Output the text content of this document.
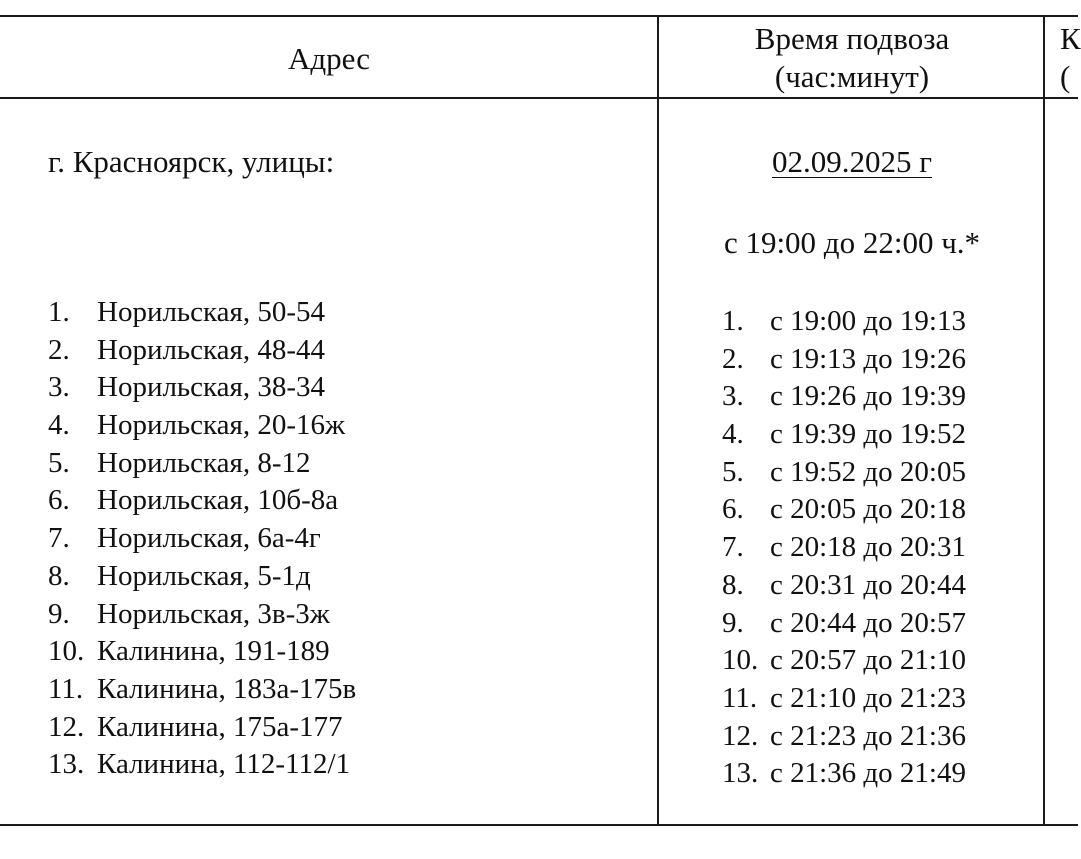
Адрес
Время подвоза
(час:минут)
К
(
г. Красноярск, улицы:	02.09.2025 г
с 19:00 до 22:00 ч.*
1. Норильская, 50-54
2. Норильская, 48-44
3. Норильская, 38-34
4. Норильская, 20-16ж
5. Норильская, 8-12
6. Норильская, 10б-8а
7. Норильская, 6а-4г
8. Норильская, 5-1д
9. Норильская, 3в-3ж
10. Калинина, 191-189
11. Калинина, 183а-175в
12. Калинина, 175а-177
13. Калинина, 112-112/1
1. с 19:00 до 19:13
2. с 19:13 до 19:26
3. с 19:26 до 19:39
4. с 19:39 до 19:52
5. с 19:52 до 20:05
6. с 20:05 до 20:18
7. с 20:18 до 20:31
8. с 20:31 до 20:44
9. с 20:44 до 20:57
10. с 20:57 до 21:10
11. с 21:10 до 21:23
12. с 21:23 до 21:36
13. с 21:36 до 21:49
